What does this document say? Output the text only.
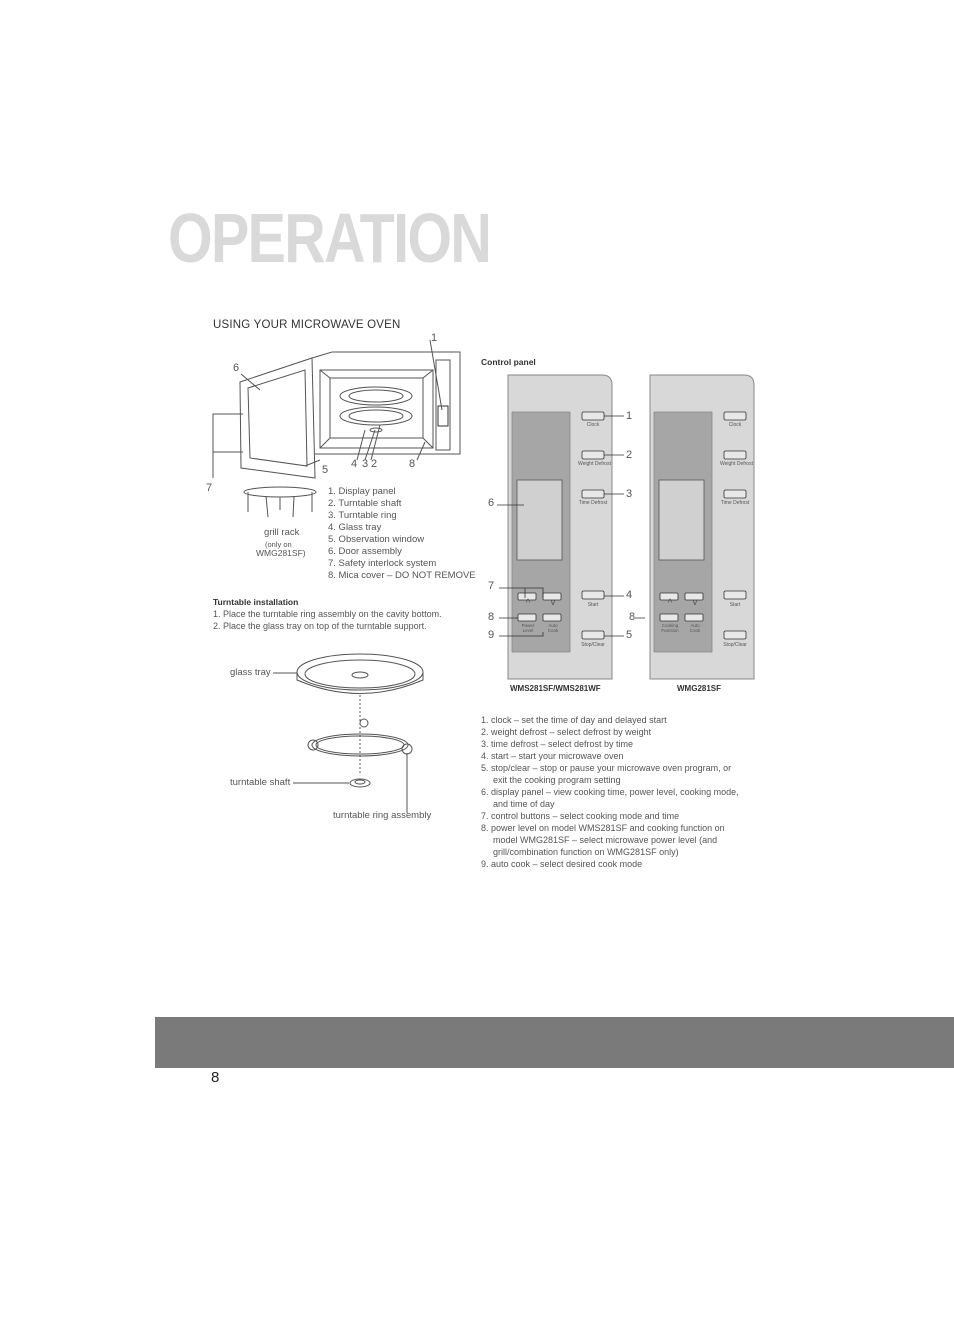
OPERATION
USING YOUR MICROWAVE OVEN
1
6
5 4 3 2	8
7
grill rack
(only on
WMG281SF)
1. Display panel
2. Turntable shaft
3. Turntable ring
4. Glass tray
5. Observation window
6. Door assembly
7. Safety interlock system
8. Mica cover – DO NOT REMOVE
Turntable installation
1. Place the turntable ring assembly on the cavity bottom.
2. Place the glass tray on top of the turntable support.
glass tray
turntable shaft
turntable ring assembly
Control panel
Clock
Weight Defrost
Time Defrost
Start
Stop/Clear
^	v
Power
Level
Auto
Cook
WMS281SF/WMS281WF
Clock
Weight Defrost
Time Defrost
Start
Stop/Clear
^	v
Cooking
Function
Auto
Cook
WMG281SF
1
2
3
4
5
6
7
8
9
8
1. clock – set the time of day and delayed start
2. weight defrost – select defrost by weight
3. time defrost – select defrost by time
4. start – start your microwave oven
5. stop/clear – stop or pause your microwave oven program, or exit the cooking program setting
6. display panel – view cooking time, power level, cooking mode, and time of day
7. control buttons – select cooking mode and time
8. power level on model WMS281SF and cooking function on model WMG281SF – select microwave power level (and grill/combination function on WMG281SF only)
9. auto cook – select desired cook mode
8
